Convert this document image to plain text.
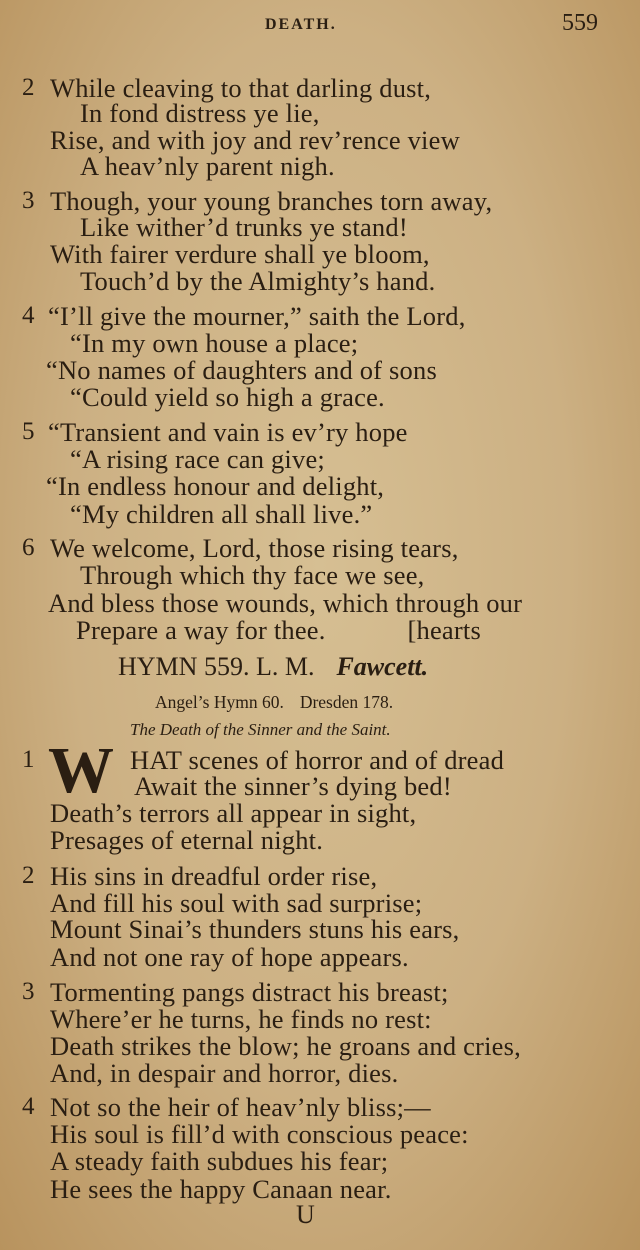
DEATH.	559
2 While cleaving to that darling dust,
In fond distress ye lie,
Rise, and with joy and rev’rence view
A heav’nly parent nigh.
3 Though, your young branches torn away,
Like wither’d trunks ye stand!
With fairer verdure shall ye bloom,
Touch’d by the Almighty’s hand.
4 “I’ll give the mourner,” saith the Lord,
“In my own house a place;
“No names of daughters and of sons
“Could yield so high a grace.
5 “Transient and vain is ev’ry hope
“A rising race can give;
“In endless honour and delight,
“My children all shall live.”
6 We welcome, Lord, those rising tears,
Through which thy face we see,
And bless those wounds, which through our
Prepare a way for thee.            [hearts
HYMN 559. L. M. Fawcett.
Angel’s Hymn 60. Dresden 178.
The Death of the Sinner and the Saint.
W
1	HAT scenes of horror and of dread
Await the sinner’s dying bed!
Death’s terrors all appear in sight,
Presages of eternal night.
2 His sins in dreadful order rise,
And fill his soul with sad surprise;
Mount Sinai’s thunders stuns his ears,
And not one ray of hope appears.
3 Tormenting pangs distract his breast;
Where’er he turns, he finds no rest:
Death strikes the blow; he groans and cries,
And, in despair and horror, dies.
4 Not so the heir of heav’nly bliss;—
His soul is fill’d with conscious peace:
A steady faith subdues his fear;
He sees the happy Canaan near.
U
